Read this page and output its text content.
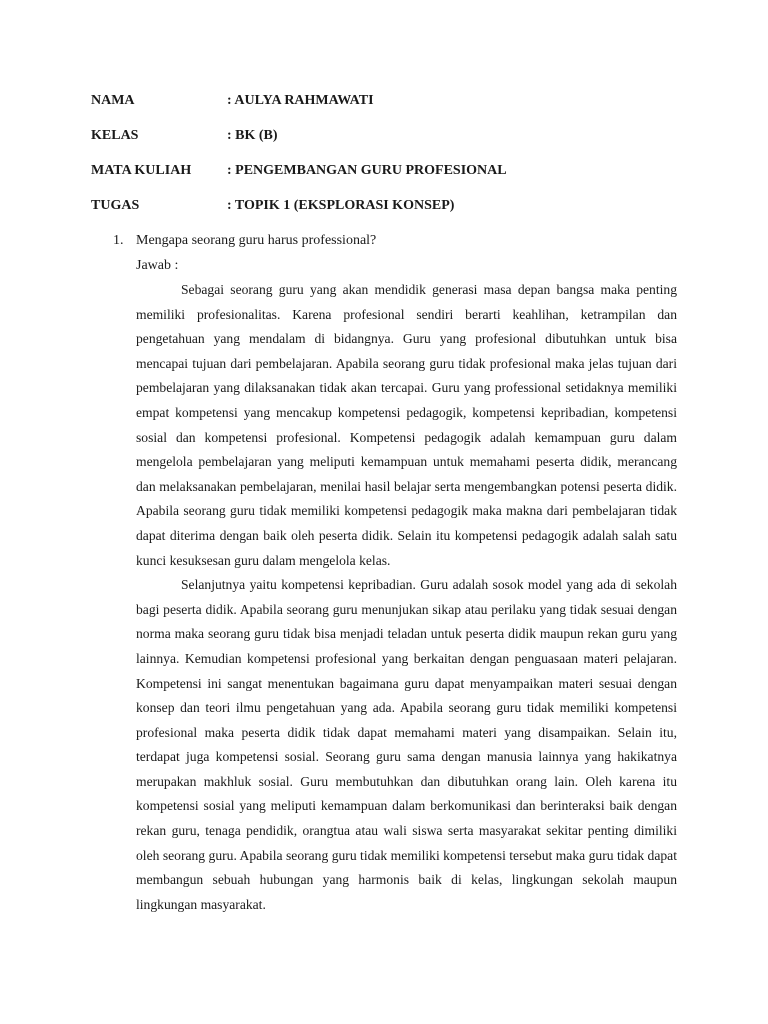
NAMA	: AULYA RAHMAWATI
KELAS	: BK (B)
MATA KULIAH	: PENGEMBANGAN GURU PROFESIONAL
TUGAS	: TOPIK 1 (EKSPLORASI KONSEP)
1. Mengapa seorang guru harus professional?
Jawab :

Sebagai seorang guru yang akan mendidik generasi masa depan bangsa maka penting memiliki profesionalitas. Karena profesional sendiri berarti keahlihan, ketrampilan dan pengetahuan yang mendalam di bidangnya. Guru yang profesional dibutuhkan untuk bisa mencapai tujuan dari pembelajaran. Apabila seorang guru tidak profesional maka jelas tujuan dari pembelajaran yang dilaksanakan tidak akan tercapai. Guru yang professional setidaknya memiliki empat kompetensi yang mencakup kompetensi pedagogik, kompetensi kepribadian, kompetensi sosial dan kompetensi profesional. Kompetensi pedagogik adalah kemampuan guru dalam mengelola pembelajaran yang meliputi kemampuan untuk memahami peserta didik, merancang dan melaksanakan pembelajaran, menilai hasil belajar serta mengembangkan potensi peserta didik. Apabila seorang guru tidak memiliki kompetensi pedagogik maka makna dari pembelajaran tidak dapat diterima dengan baik oleh peserta didik. Selain itu kompetensi pedagogik adalah salah satu kunci kesuksesan guru dalam mengelola kelas.

Selanjutnya yaitu kompetensi kepribadian. Guru adalah sosok model yang ada di sekolah bagi peserta didik. Apabila seorang guru menunjukan sikap atau perilaku yang tidak sesuai dengan norma maka seorang guru tidak bisa menjadi teladan untuk peserta didik maupun rekan guru yang lainnya. Kemudian kompetensi profesional yang berkaitan dengan penguasaan materi pelajaran. Kompetensi ini sangat menentukan bagaimana guru dapat menyampaikan materi sesuai dengan konsep dan teori ilmu pengetahuan yang ada. Apabila seorang guru tidak memiliki kompetensi profesional maka peserta didik tidak dapat memahami materi yang disampaikan. Selain itu, terdapat juga kompetensi sosial. Seorang guru sama dengan manusia lainnya yang hakikatnya merupakan makhluk sosial. Guru membutuhkan dan dibutuhkan orang lain. Oleh karena itu kompetensi sosial yang meliputi kemampuan dalam berkomunikasi dan berinteraksi baik dengan rekan guru, tenaga pendidik, orangtua atau wali siswa serta masyarakat sekitar penting dimiliki oleh seorang guru. Apabila seorang guru tidak memiliki kompetensi tersebut maka guru tidak dapat membangun sebuah hubungan yang harmonis baik di kelas, lingkungan sekolah maupun lingkungan masyarakat.
